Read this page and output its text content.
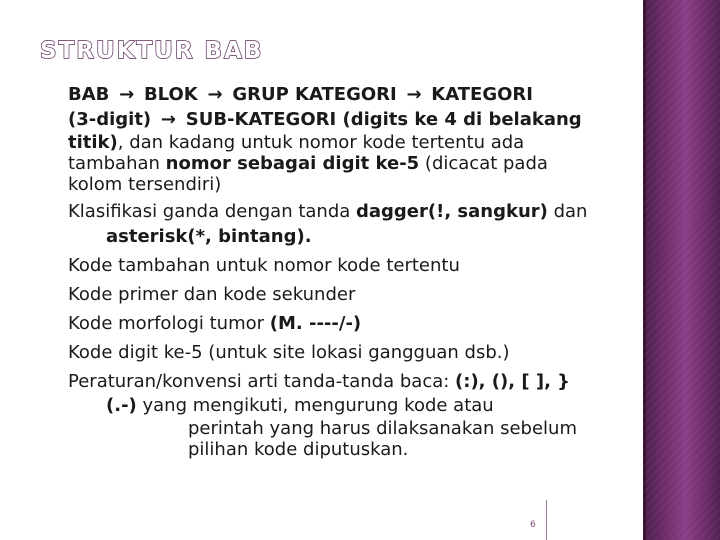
STRUKTUR BAB
BAB → BLOK → GRUP KATEGORI → KATEGORI
(3-digit) → SUB-KATEGORI (digits ke 4 di belakang
titik), dan kadang untuk nomor kode tertentu ada
tambahan nomor sebagai digit ke-5 (dicacat pada
kolom tersendiri)
Klasifikasi ganda dengan tanda dagger(!, sangkur) dan
asterisk(*, bintang).
Kode tambahan untuk nomor kode tertentu
Kode primer dan kode sekunder
Kode morfologi tumor (M. ----/-)
Kode digit ke-5 (untuk site lokasi gangguan dsb.)
Peraturan/konvensi arti tanda-tanda baca: (:), (), [ ], }
(.-) yang mengikuti, mengurung kode atau
perintah yang harus dilaksanakan sebelum
pilihan kode diputuskan.
6
